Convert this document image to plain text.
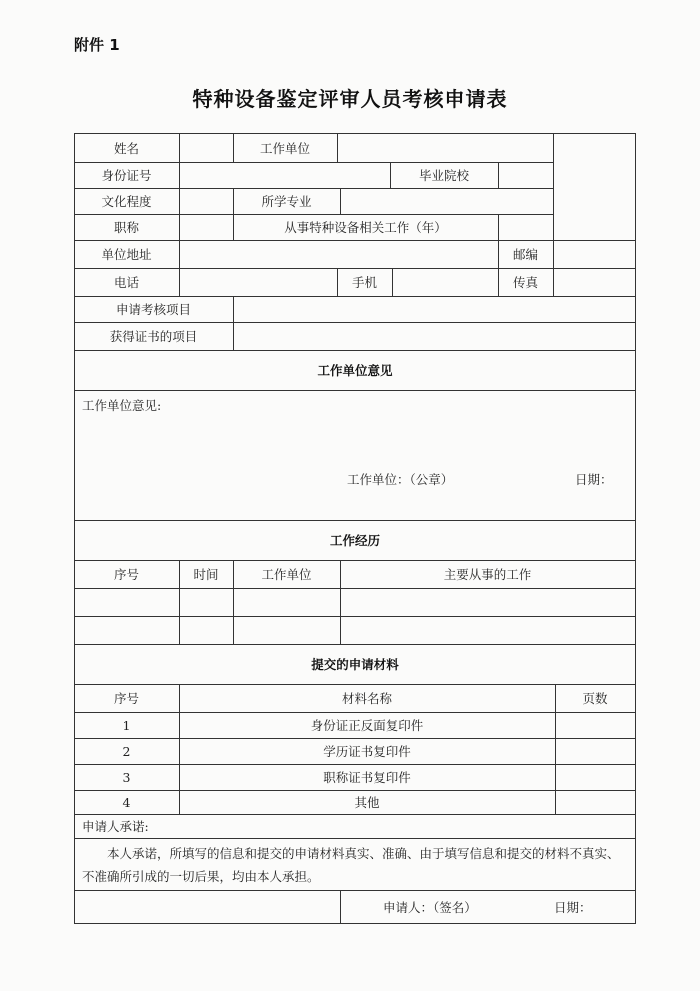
附件 1
特种设备鉴定评审人员考核申请表
姓名	工作单位
身份证号	毕业院校
文化程度	所学专业
职称	从事特种设备相关工作（年）
单位地址	邮编
电话	手机	传真
申请考核项目
获得证书的项目
工作单位意见
工作单位意见:
工作单位：（公章）	日期：
工作经历
序号	时间	工作单位	主要从事的工作
提交的申请材料
序号	材料名称	页数
1	身份证正反面复印件
2	学历证书复印件
3	职称证书复印件
4	其他
申请人承诺:
本人承诺，所填写的信息和提交的申请材料真实、准确、由于填写信息和提交的材料不真实、不准确所引成的一切后果，均由本人承担。
申请人：（签名）	日期：
